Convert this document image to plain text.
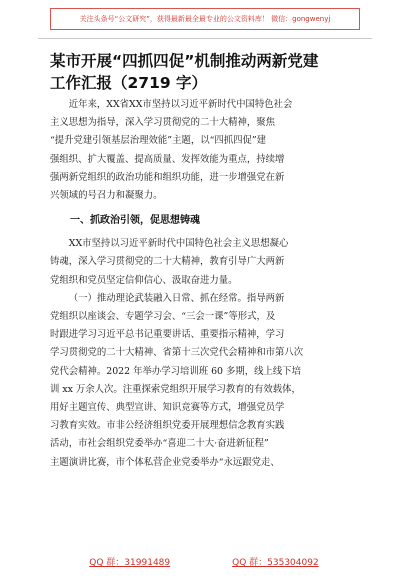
关注头条号“公文研究”，获得最新最全最专业的公文资料库！ 微信：gongwenyj
某市开展“四抓四促”机制推动两新党建
工作汇报（2719 字）

近年来，XX省XX市坚持以习近平新时代中国特色社会
主义思想为指导，深入学习贯彻党的二十大精神，聚焦
“提升党建引领基层治理效能”主题，以“四抓四促”建
强组织、扩大覆盖、提高质量、发挥效能为重点，持续增
强两新党组织的政治功能和组织功能，进一步增强党在新
兴领域的号召力和凝聚力。

一、抓政治引领，促思想铸魂

XX市坚持以习近平新时代中国特色社会主义思想凝心
铸魂，深入学习贯彻党的二十大精神，教育引导广大两新
党组织和党员坚定信仰信心、汲取奋进力量。

（一）推动理论武装融入日常、抓在经常。指导两新
党组织以座谈会、专题学习会、“三会一课”等形式，及
时跟进学习习近平总书记重要讲话、重要指示精神，学习
学习贯彻党的二十大精神、省第十三次党代会精神和市第八次
党代会精神。2022 年举办学习培训班 60 多期，线上线下培
训 xx 万余人次。注重探索党组织开展学习教育的有效载体，
用好主题宣传、典型宣讲、知识竞赛等方式，增强党员学
习教育实效。市非公经济组织党委开展理想信念教育实践
活动，市社会组织党委举办“喜迎二十大·奋进新征程”
主题演讲比赛，市个体私营企业党委举办“永远跟党走、

QQ 群：31991489	QQ 群：535304092
